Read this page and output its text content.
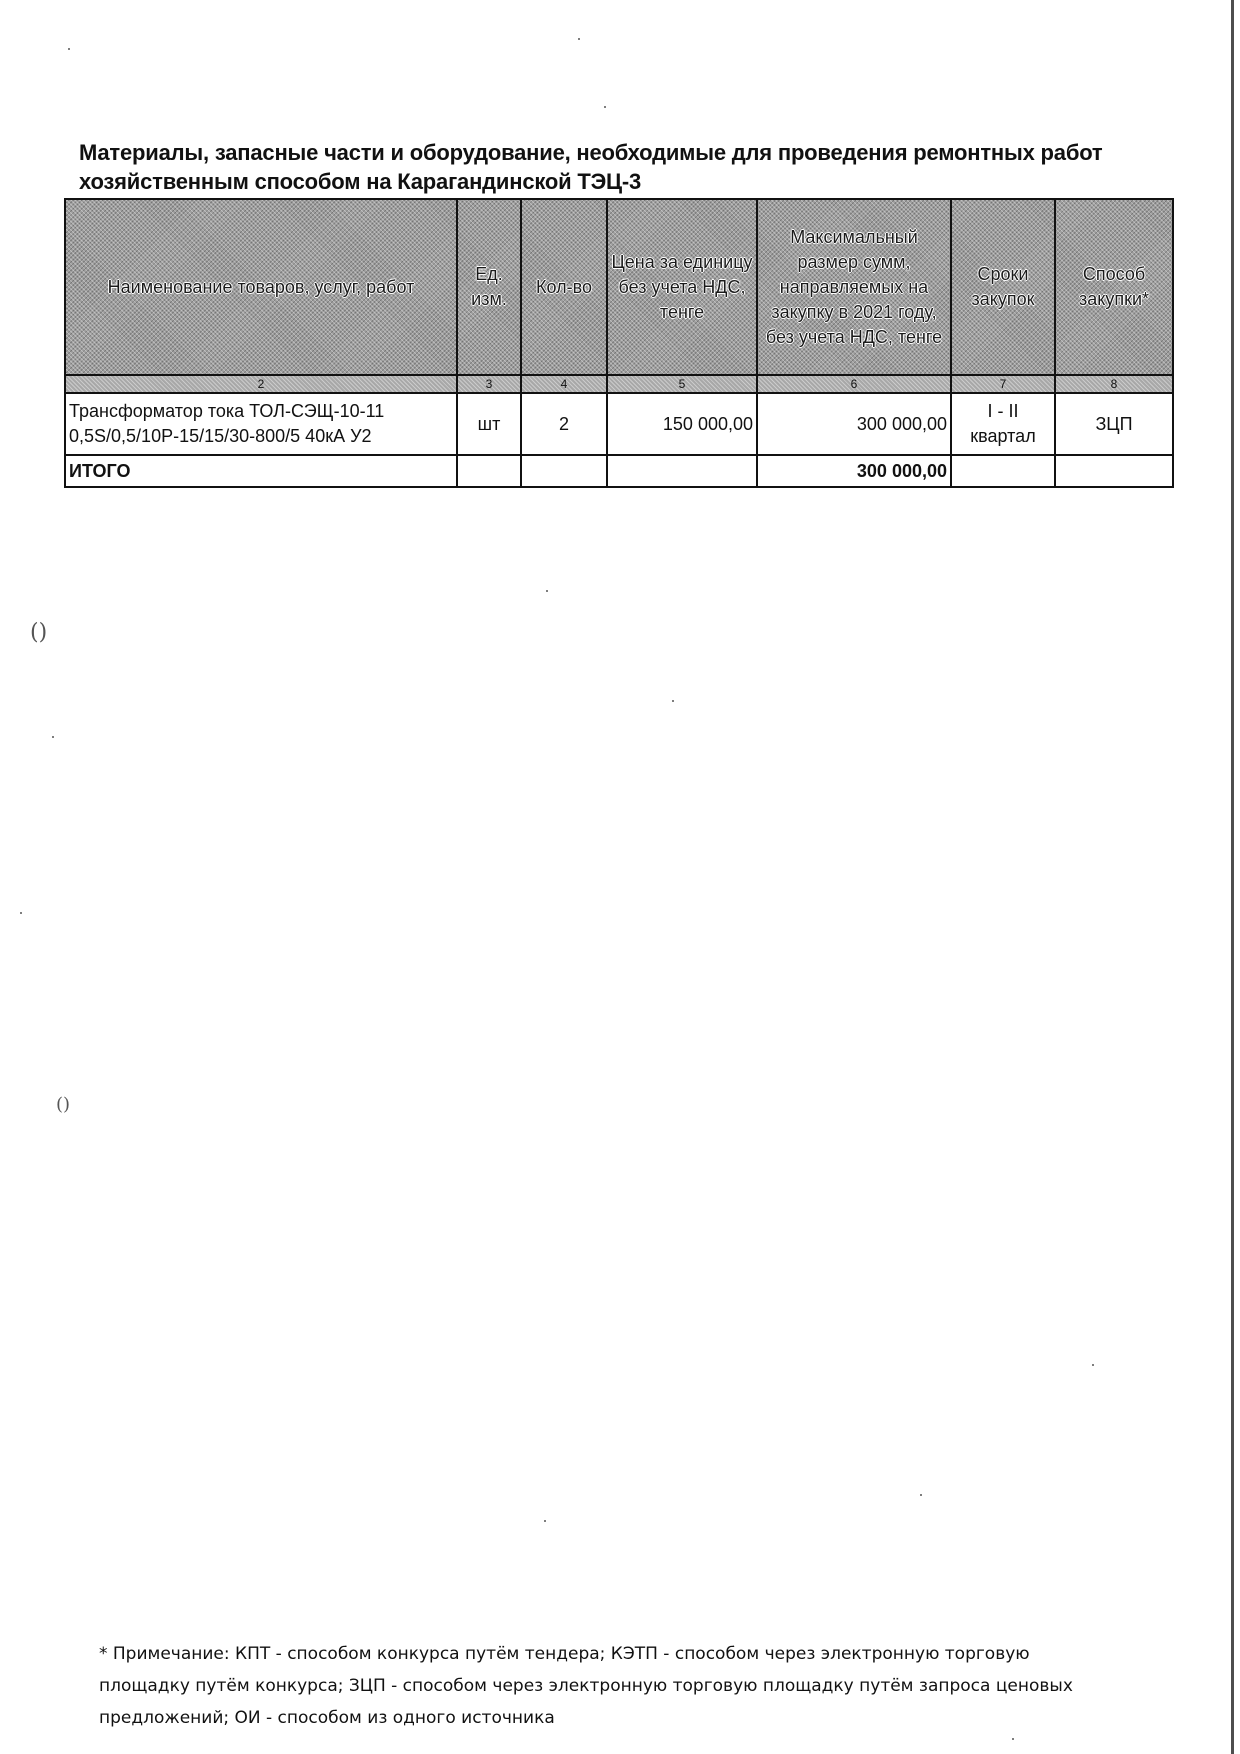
Материалы, запасные части и оборудование, необходимые для проведения ремонтных работ
хозяйственным способом на Карагандинской ТЭЦ-3
Наименование товаров, услуг, работ	Ед. изм.	Кол-во	Цена за единицу без учета НДС, тенге	Максимальный размер сумм, направляемых на закупку в 2021 году, без учета НДС, тенге	Сроки закупок	Способ закупки*
2	3	4	5	6	7	8
Трансформатор тока ТОЛ-СЭЩ-10-11 0,5S/0,5/10P-15/15/30-800/5 40кА У2	шт	2	150 000,00	300 000,00	I - II квартал	ЗЦП
ИТОГО				300 000,00		
()
()
* Примечание: КПТ - способом конкурса путём тендера; КЭТП - способом через электронную торговую площадку путём конкурса; ЗЦП - способом через электронную торговую площадку путём запроса ценовых предложений; ОИ - способом из одного источника
